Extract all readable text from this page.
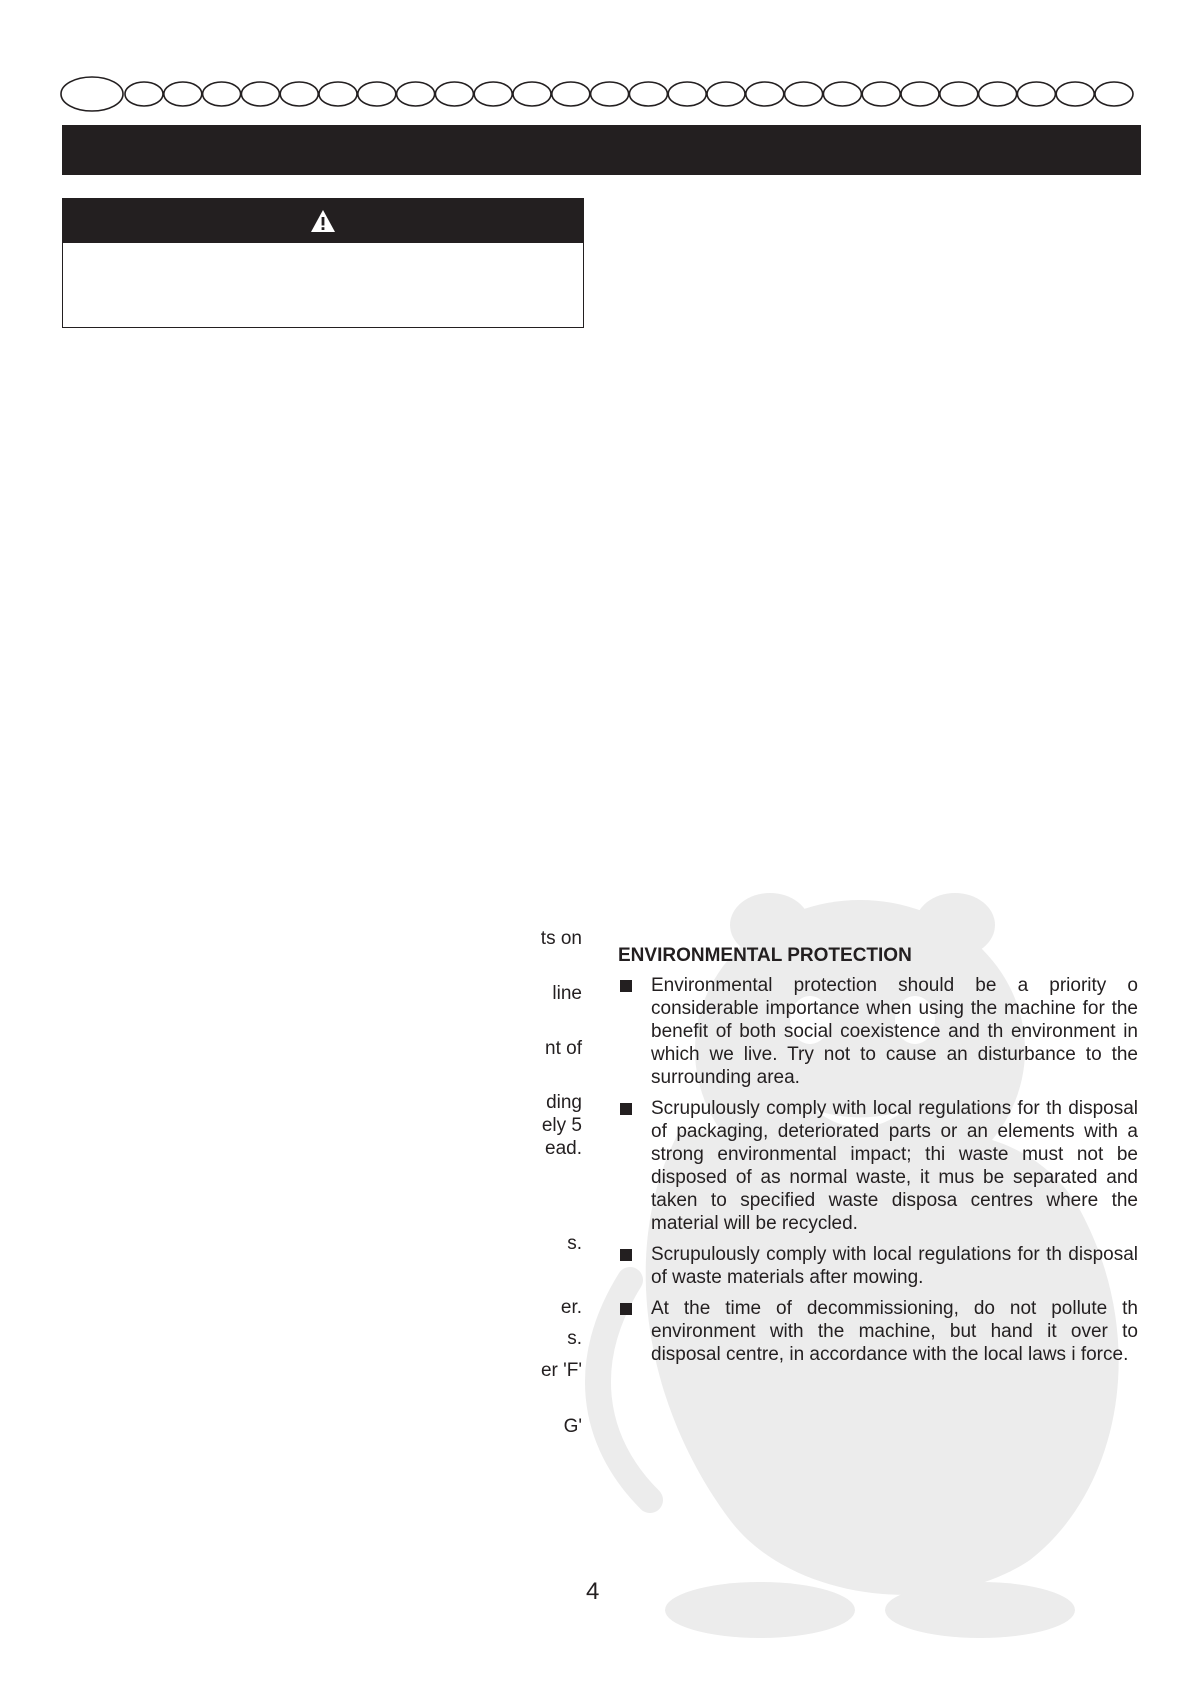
ts on
line
nt of
ding
ely 5
ead.
s.
er.
s.
er 'F'
G'
ENVIRONMENTAL PROTECTION
Environmental protection should be a priority o considerable importance when using the machine for the benefit of both social coexistence and th environment in which we live. Try not to cause an disturbance to the surrounding area.
Scrupulously comply with local regulations for th disposal of packaging, deteriorated parts or an elements with a strong environmental impact; thi waste must not be disposed of as normal waste, it mus be separated and taken to specified waste disposa centres where the material will be recycled.
Scrupulously comply with local regulations for th disposal of waste materials after mowing.
At the time of decommissioning, do not pollute th environment with the machine, but hand it over to disposal centre, in accordance with the local laws i force.
4
